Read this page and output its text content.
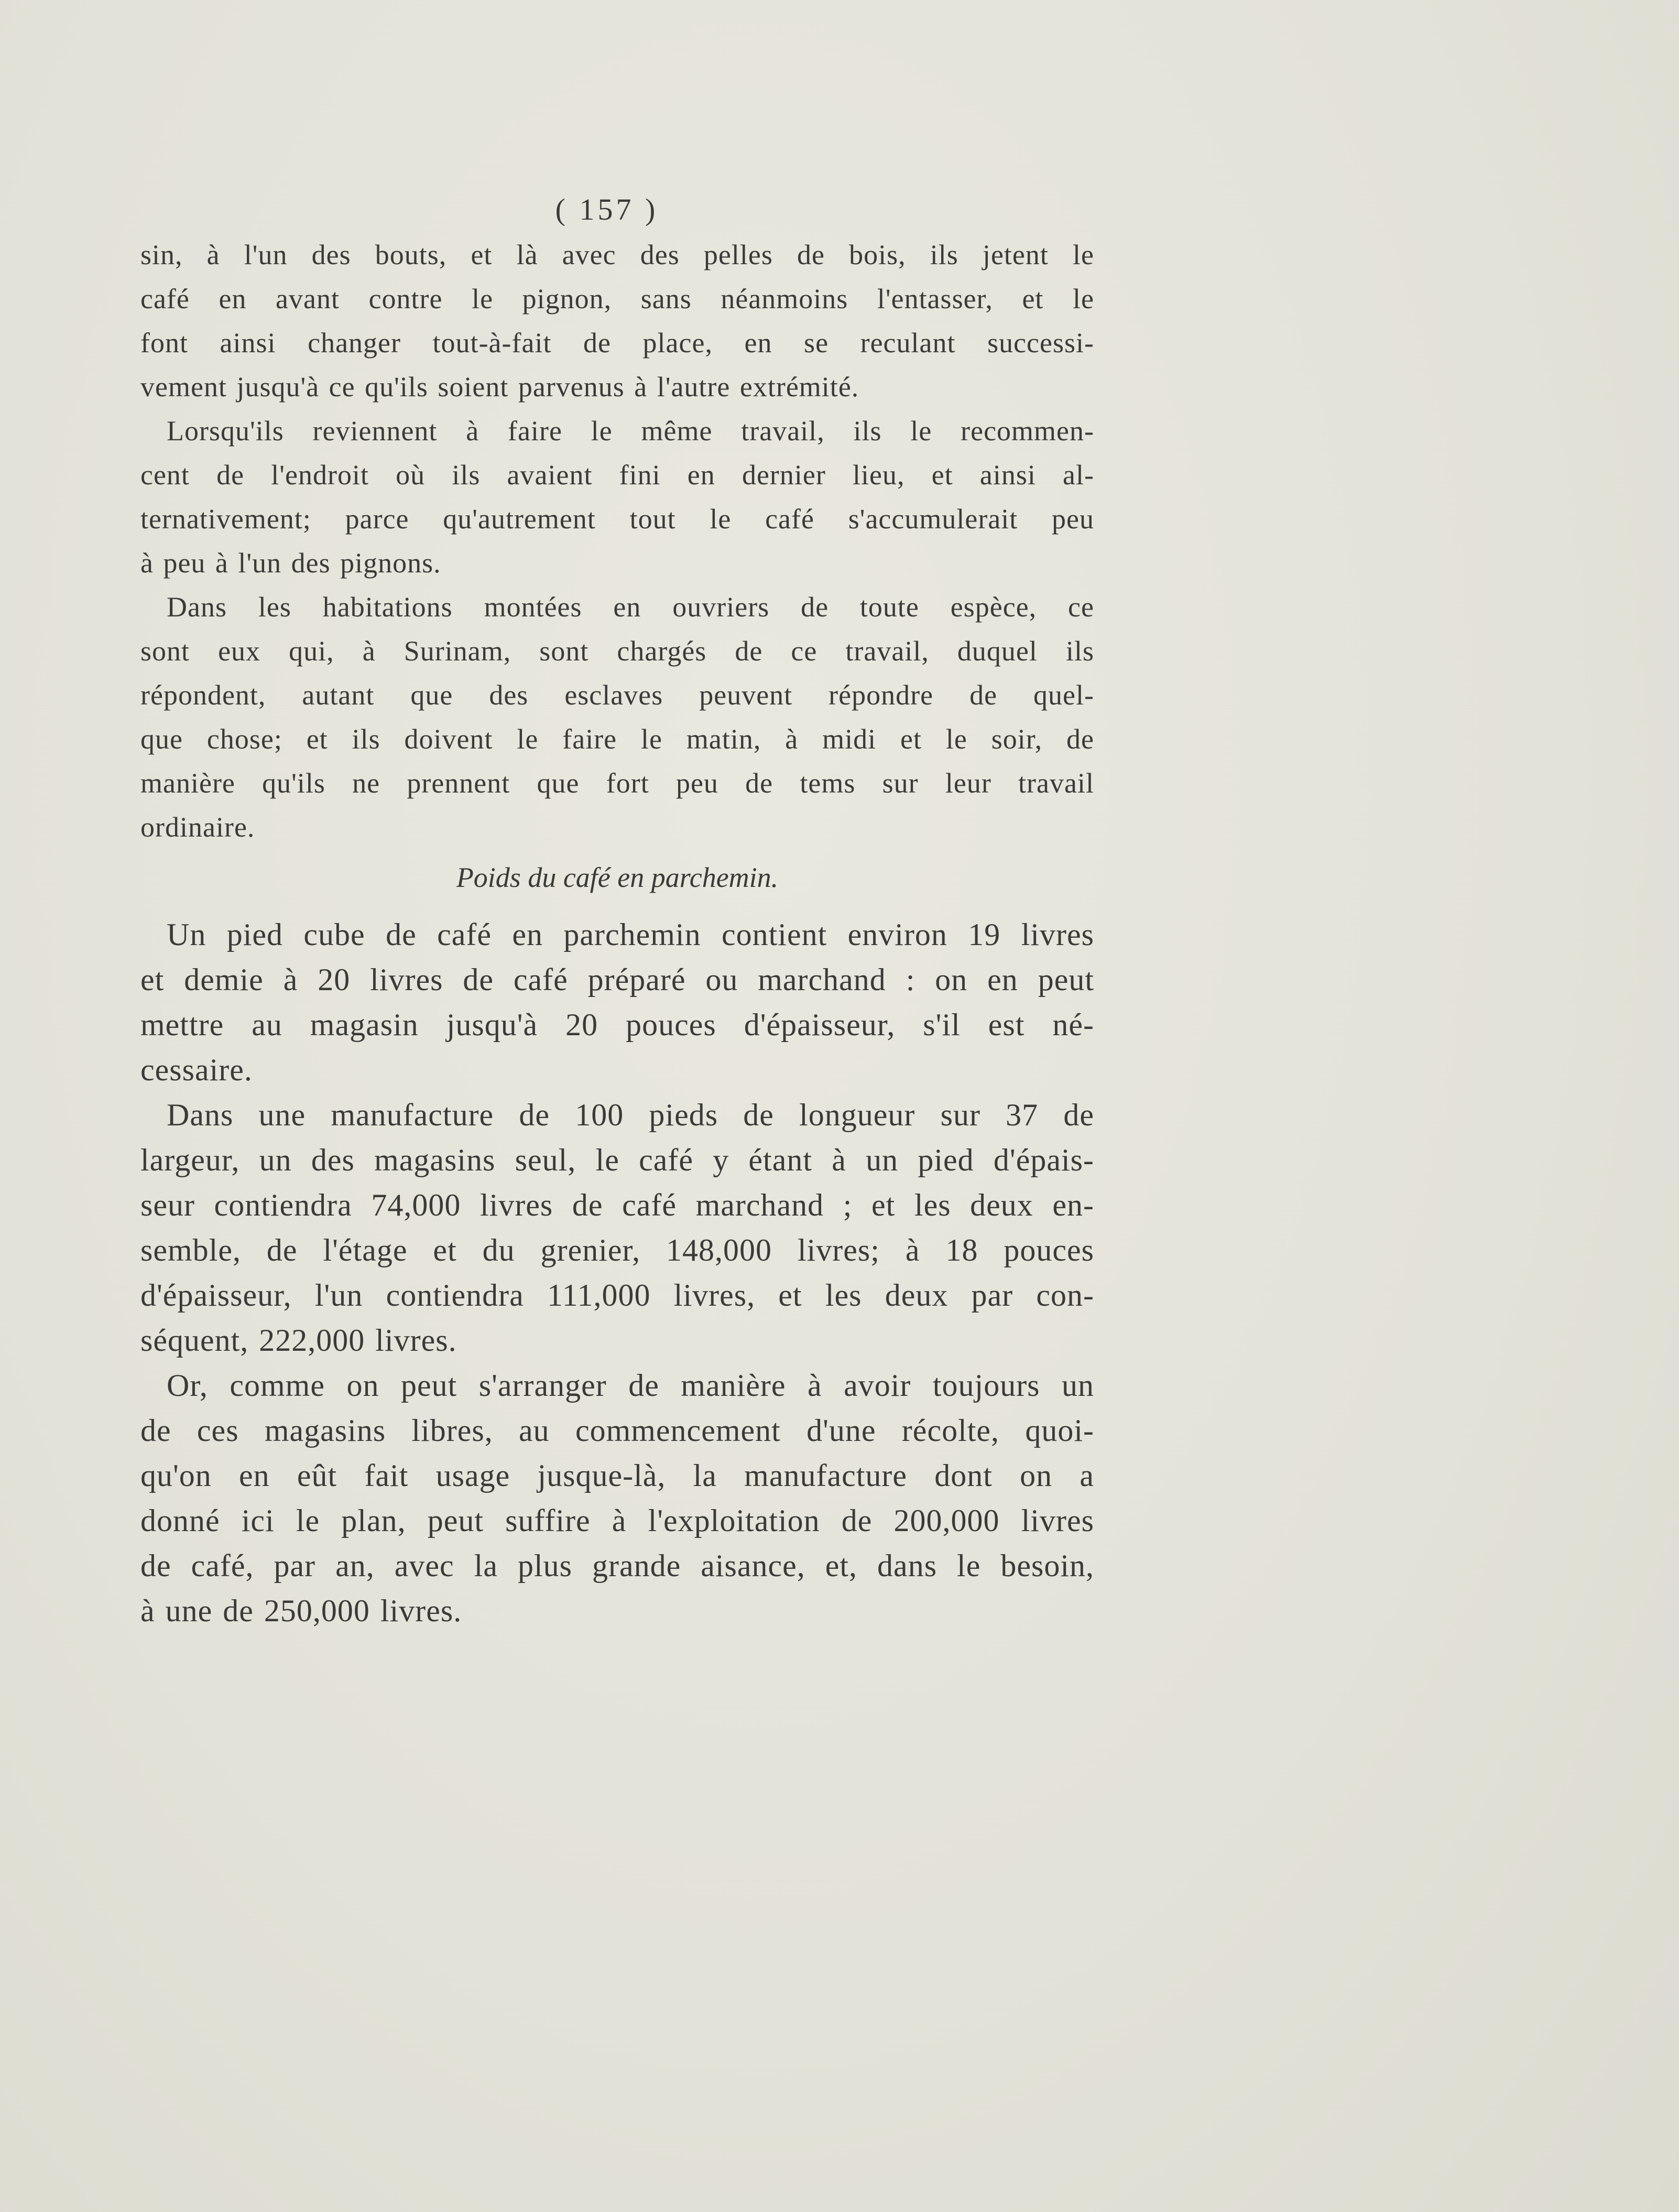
( 157 )
sin, à l'un des bouts, et là avec des pelles de bois, ils jetent le
café en avant contre le pignon, sans néanmoins l'entasser, et le
font ainsi changer tout-à-fait de place, en se reculant successi-
vement jusqu'à ce qu'ils soient parvenus à l'autre extrémité.
Lorsqu'ils reviennent à faire le même travail, ils le recommen-
cent de l'endroit où ils avaient fini en dernier lieu, et ainsi al-
ternativement; parce qu'autrement tout le café s'accumulerait peu
à peu à l'un des pignons.
Dans les habitations montées en ouvriers de toute espèce, ce
sont eux qui, à Surinam, sont chargés de ce travail, duquel ils
répondent, autant que des esclaves peuvent répondre de quel-
que chose; et ils doivent le faire le matin, à midi et le soir, de
manière qu'ils ne prennent que fort peu de tems sur leur travail
ordinaire.
Poids du café en parchemin.
Un pied cube de café en parchemin contient environ 19 livres
et demie à 20 livres de café préparé ou marchand : on en peut
mettre au magasin jusqu'à 20 pouces d'épaisseur, s'il est né-
cessaire.
Dans une manufacture de 100 pieds de longueur sur 37 de
largeur, un des magasins seul, le café y étant à un pied d'épais-
seur contiendra 74,000 livres de café marchand ; et les deux en-
semble, de l'étage et du grenier, 148,000 livres; à 18 pouces
d'épaisseur, l'un contiendra 111,000 livres, et les deux par con-
séquent, 222,000 livres.
Or, comme on peut s'arranger de manière à avoir toujours un
de ces magasins libres, au commencement d'une récolte, quoi-
qu'on en eût fait usage jusque-là, la manufacture dont on a
donné ici le plan, peut suffire à l'exploitation de 200,000 livres
de café, par an, avec la plus grande aisance, et, dans le besoin,
à une de 250,000 livres.
